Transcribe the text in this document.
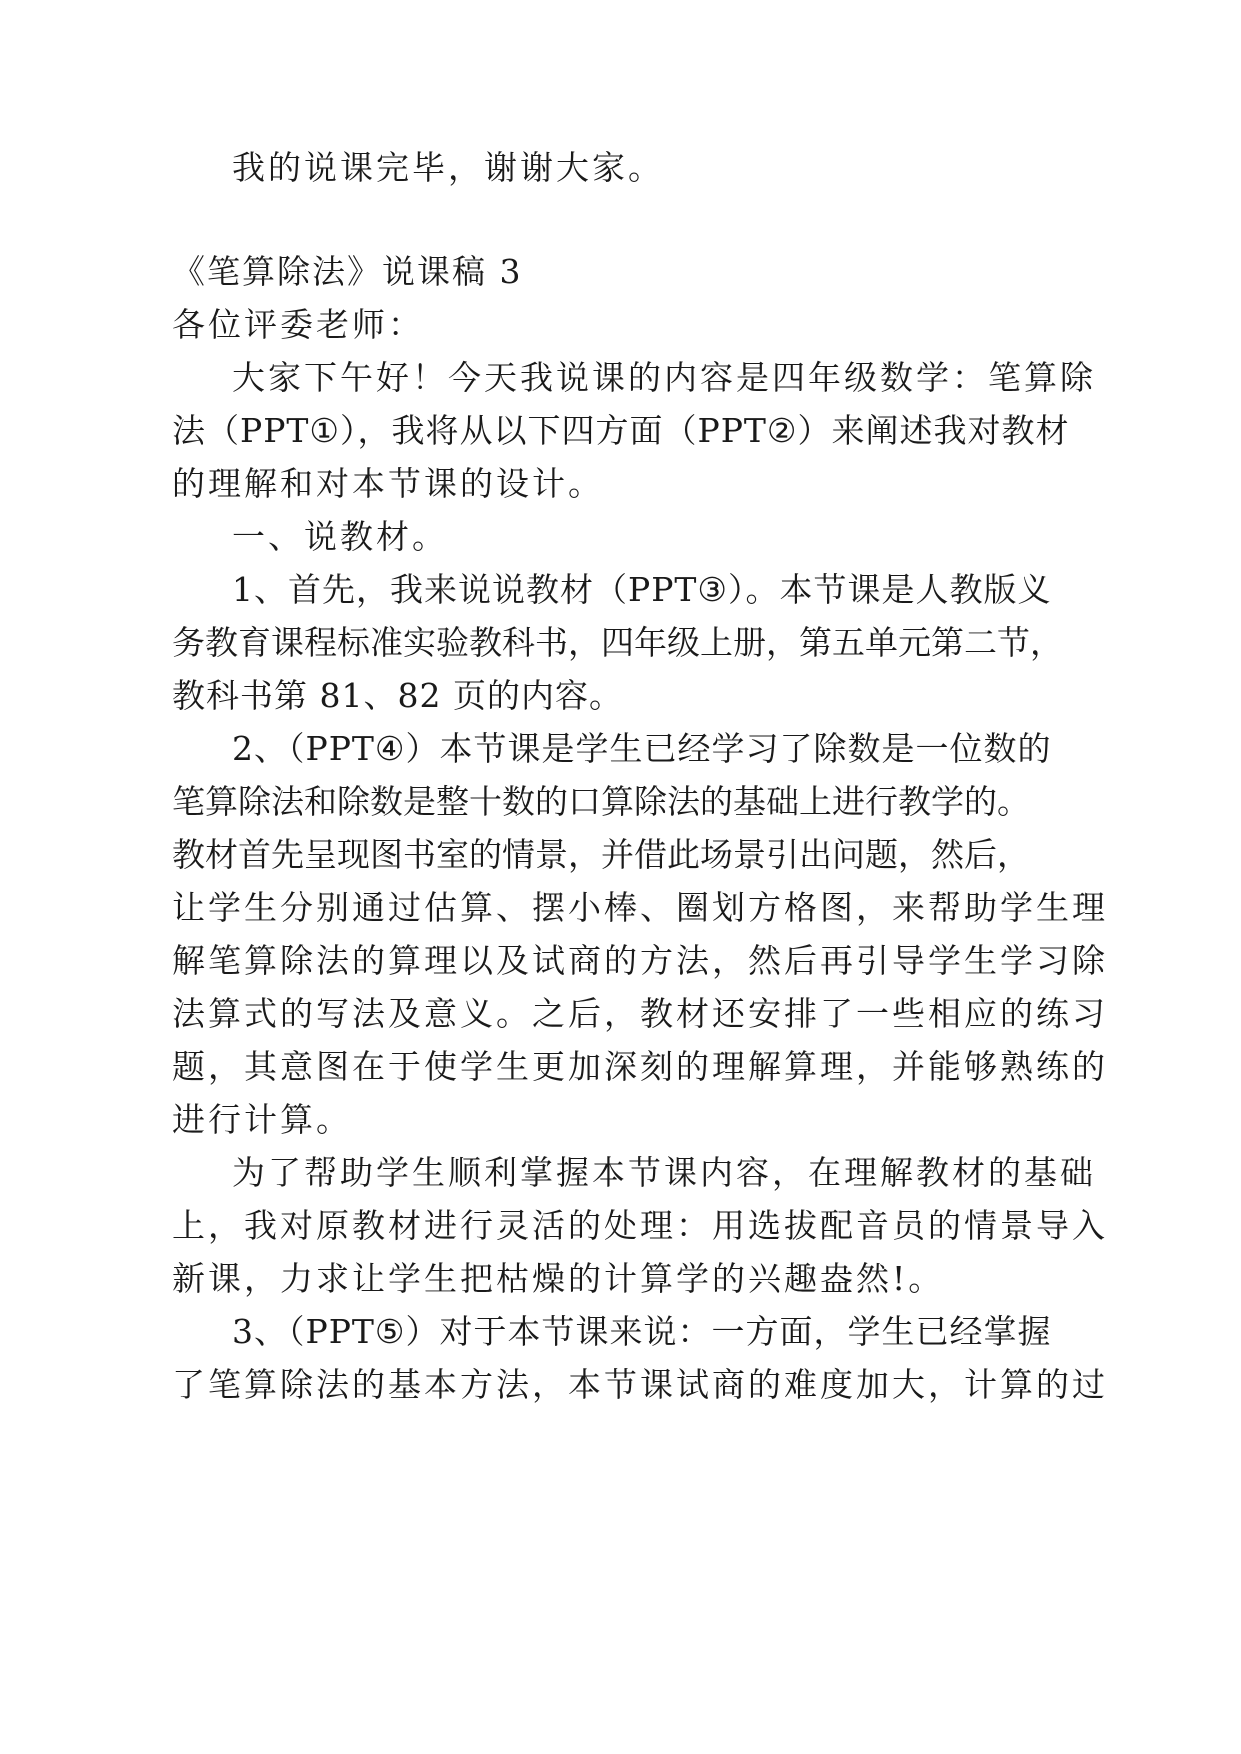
我的说课完毕，谢谢大家。
《笔算除法》说课稿 3
各位评委老师：
大家下午好！今天我说课的内容是四年级数学：笔算除
法（PPT①），我将从以下四方面（PPT②）来阐述我对教材
的理解和对本节课的设计。
一、说教材。
1、首先，我来说说教材（PPT③）。本节课是人教版义
务教育课程标准实验教科书，四年级上册，第五单元第二节，
教科书第 81、82 页的内容。
2、（PPT④）本节课是学生已经学习了除数是一位数的
笔算除法和除数是整十数的口算除法的基础上进行教学的。
教材首先呈现图书室的情景，并借此场景引出问题，然后，
让学生分别通过估算、摆小棒、圈划方格图，来帮助学生理
解笔算除法的算理以及试商的方法，然后再引导学生学习除
法算式的写法及意义。之后，教材还安排了一些相应的练习
题，其意图在于使学生更加深刻的理解算理，并能够熟练的
进行计算。
为了帮助学生顺利掌握本节课内容，在理解教材的基础
上，我对原教材进行灵活的处理：用选拔配音员的情景导入
新课，力求让学生把枯燥的计算学的兴趣盎然!。
3、（PPT⑤）对于本节课来说：一方面，学生已经掌握
了笔算除法的基本方法，本节课试商的难度加大，计算的过
